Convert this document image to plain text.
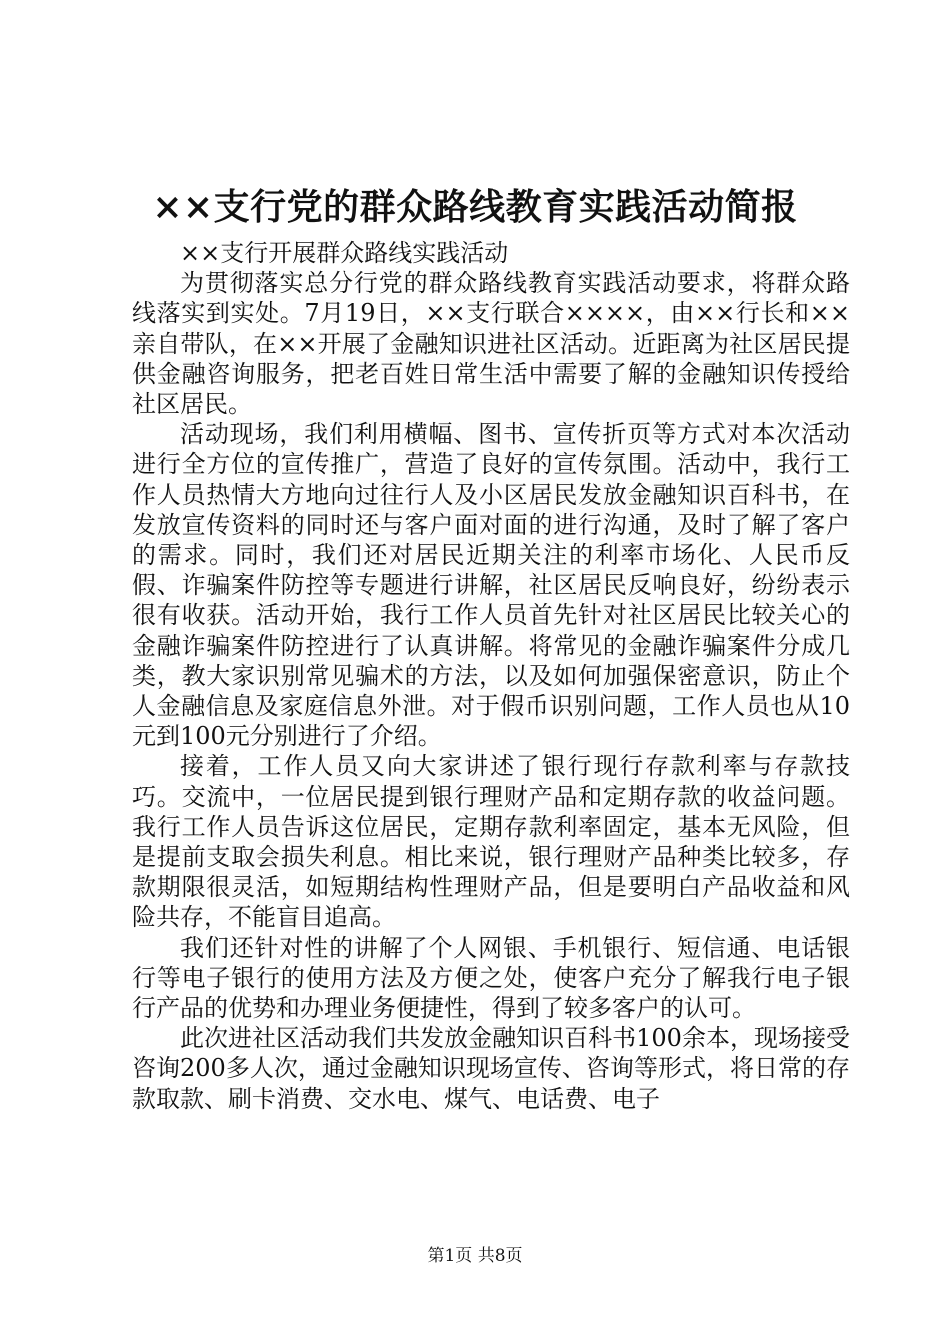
××支行党的群众路线教育实践活动简报

××支行开展群众路线实践活动

为贯彻落实总分行党的群众路线教育实践活动要求，将群众路线落实到实处。7月19日，××支行联合××××，由××行长和××亲自带队，在××开展了金融知识进社区活动。近距离为社区居民提供金融咨询服务，把老百姓日常生活中需要了解的金融知识传授给社区居民。

活动现场，我们利用横幅、图书、宣传折页等方式对本次活动进行全方位的宣传推广，营造了良好的宣传氛围。活动中，我行工作人员热情大方地向过往行人及小区居民发放金融知识百科书，在发放宣传资料的同时还与客户面对面的进行沟通，及时了解了客户的需求。同时，我们还对居民近期关注的利率市场化、人民币反假、诈骗案件防控等专题进行讲解，社区居民反响良好，纷纷表示很有收获。活动开始，我行工作人员首先针对社区居民比较关心的金融诈骗案件防控进行了认真讲解。将常见的金融诈骗案件分成几类，教大家识别常见骗术的方法，以及如何加强保密意识，防止个人金融信息及家庭信息外泄。对于假币识别问题，工作人员也从10元到100元分别进行了介绍。

接着，工作人员又向大家讲述了银行现行存款利率与存款技巧。交流中，一位居民提到银行理财产品和定期存款的收益问题。我行工作人员告诉这位居民，定期存款利率固定，基本无风险，但是提前支取会损失利息。相比来说，银行理财产品种类比较多，存款期限很灵活，如短期结构性理财产品，但是要明白产品收益和风险共存，不能盲目追高。

我们还针对性的讲解了个人网银、手机银行、短信通、电话银行等电子银行的使用方法及方便之处，使客户充分了解我行电子银行产品的优势和办理业务便捷性，得到了较多客户的认可。

此次进社区活动我们共发放金融知识百科书100余本，现场接受咨询200多人次，通过金融知识现场宣传、咨询等形式，将日常的存款取款、刷卡消费、交水电、煤气、电话费、电子

第1页 共8页
